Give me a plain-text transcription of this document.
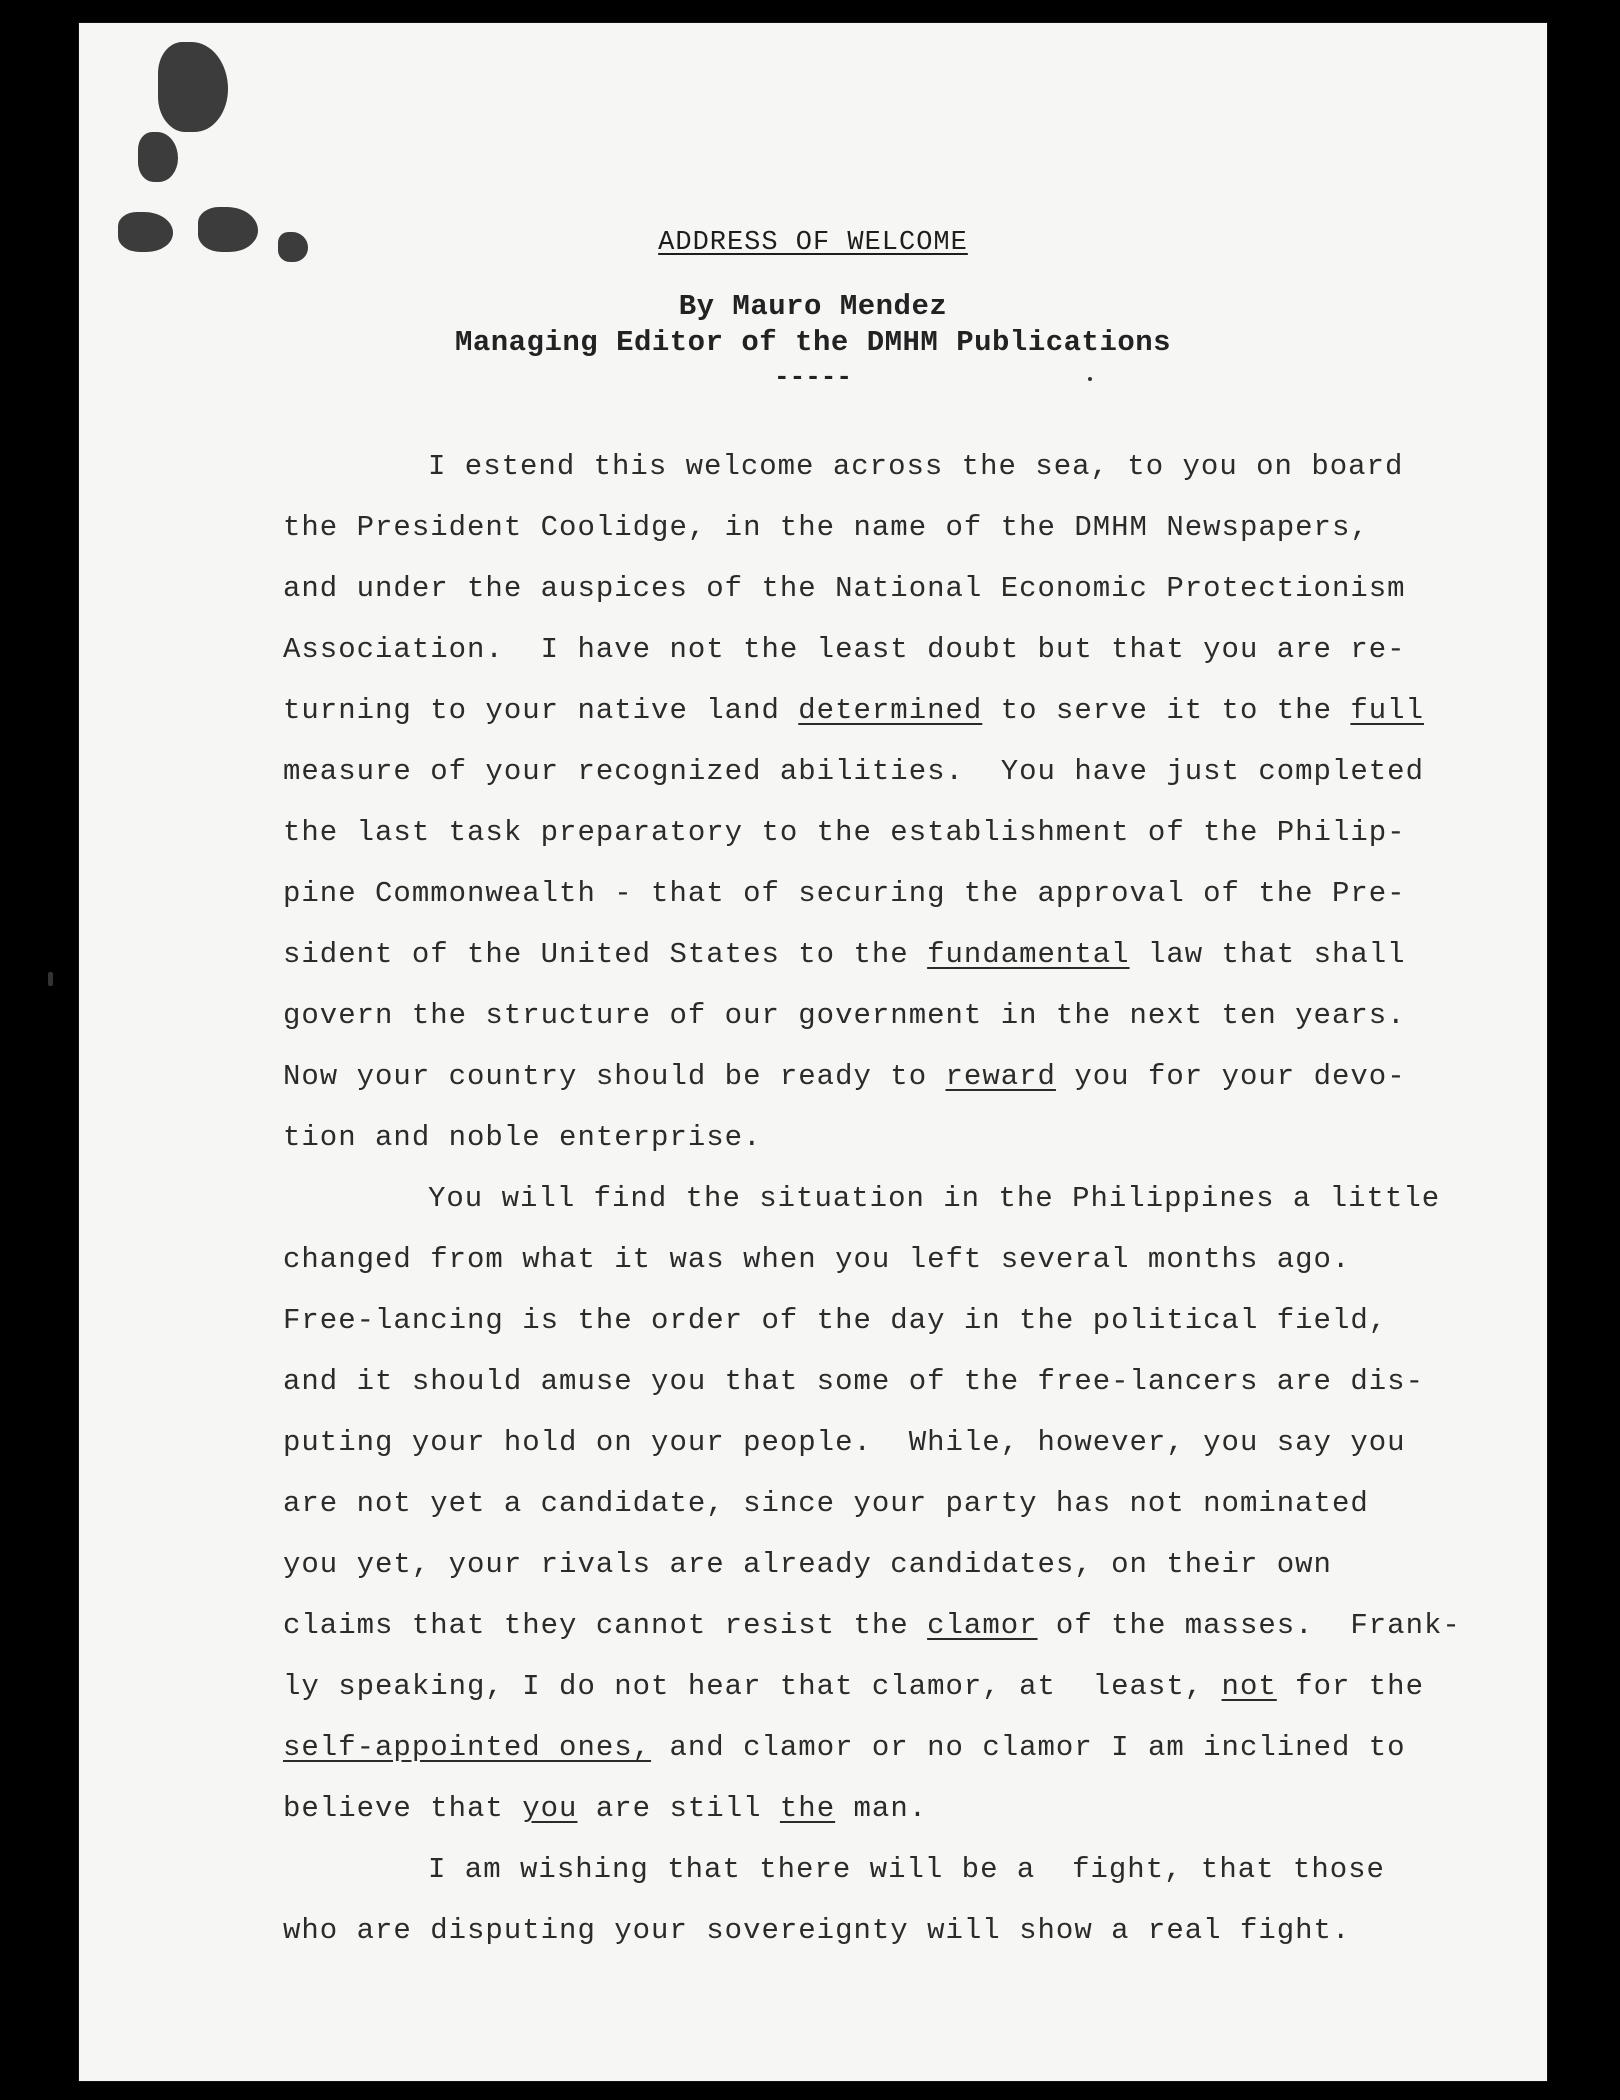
ADDRESS OF WELCOME
By Mauro Mendez
Managing Editor of the DMHM Publications
-----
I estend this welcome across the sea, to you on board
the President Coolidge, in the name of the DMHM Newspapers,
and under the auspices of the National Economic Protectionism
Association.  I have not the least doubt but that you are re-
turning to your native land determined to serve it to the full
measure of your recognized abilities.  You have just completed
the last task preparatory to the establishment of the Philip-
pine Commonwealth - that of securing the approval of the Pre-
sident of the United States to the fundamental law that shall
govern the structure of our government in the next ten years.
Now your country should be ready to reward you for your devo-
tion and noble enterprise.
You will find the situation in the Philippines a little
changed from what it was when you left several months ago.
Free-lancing is the order of the day in the political field,
and it should amuse you that some of the free-lancers are dis-
puting your hold on your people.  While, however, you say you
are not yet a candidate, since your party has not nominated
you yet, your rivals are already candidates, on their own
claims that they cannot resist the clamor of the masses.  Frank-
ly speaking, I do not hear that clamor, at  least, not for the
self-appointed ones, and clamor or no clamor I am inclined to
believe that you are still the man.
I am wishing that there will be a  fight, that those
who are disputing your sovereignty will show a real fight.
